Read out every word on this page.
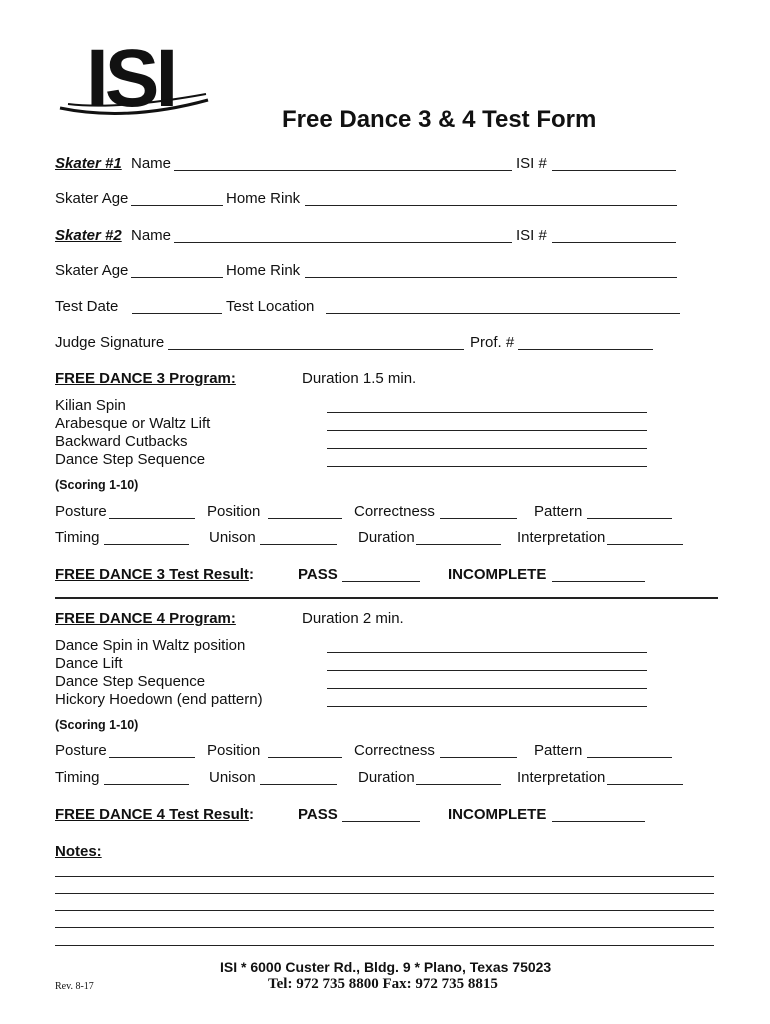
ISI	Free Dance 3 & 4 Test Form
Skater #1 Name	ISI #
Skater Age	Home Rink
Skater #2 Name	ISI #
Skater Age	Home Rink
Test Date	Test Location
Judge Signature	Prof. #
FREE DANCE 3 Program:	Duration 1.5 min.
Kilian Spin
Arabesque or Waltz Lift
Backward Cutbacks
Dance Step Sequence
(Scoring 1-10)
Posture	Position	Correctness	Pattern
Timing	Unison	Duration	Interpretation
FREE DANCE 3 Test Result:	PASS	INCOMPLETE
FREE DANCE 4 Program:	Duration 2 min.
Dance Spin in Waltz position
Dance Lift
Dance Step Sequence
Hickory Hoedown (end pattern)
(Scoring 1-10)
Posture	Position	Correctness	Pattern
Timing	Unison	Duration	Interpretation
FREE DANCE 4 Test Result:	PASS	INCOMPLETE
Notes:
ISI * 6000 Custer Rd., Bldg. 9 * Plano, Texas 75023
Tel: 972 735 8800 Fax: 972 735 8815
Rev. 8-17
